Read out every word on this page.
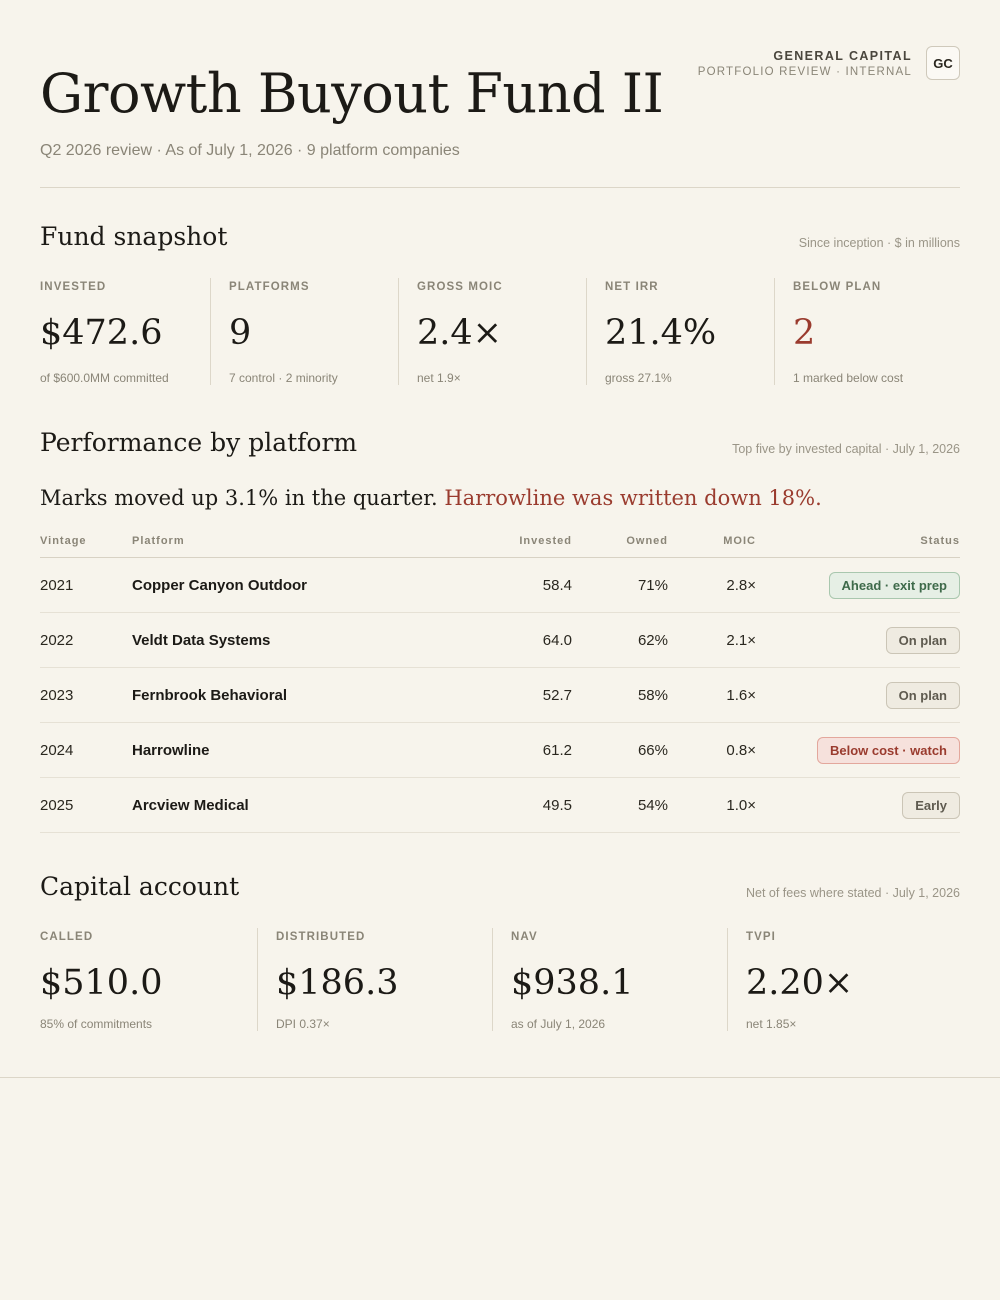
GENERAL CAPITAL
PORTFOLIO REVIEW · INTERNAL
GC
Growth Buyout Fund II
Q2 2026 review · As of July 1, 2026 · 9 platform companies
Fund snapshot	Since inception · $ in millions
INVESTED
$472.6
of $600.0MM committed
PLATFORMS
9
7 control · 2 minority
GROSS MOIC
2.4×
net 1.9×
NET IRR
21.4%
gross 27.1%
BELOW PLAN
2
1 marked below cost
Performance by platform	Top five by invested capital · July 1, 2026
Marks moved up 3.1% in the quarter. Harrowline was written down 18%.
Vintage	Platform	Invested	Owned	MOIC	Status
2021	Copper Canyon Outdoor	58.4	71%	2.8×	Ahead · exit prep
2022	Veldt Data Systems	64.0	62%	2.1×	On plan
2023	Fernbrook Behavioral	52.7	58%	1.6×	On plan
2024	Harrowline	61.2	66%	0.8×	Below cost · watch
2025	Arcview Medical	49.5	54%	1.0×	Early
Capital account	Net of fees where stated · July 1, 2026
CALLED
$510.0
85% of commitments
DISTRIBUTED
$186.3
DPI 0.37×
NAV
$938.1
as of July 1, 2026
TVPI
2.20×
net 1.85×
